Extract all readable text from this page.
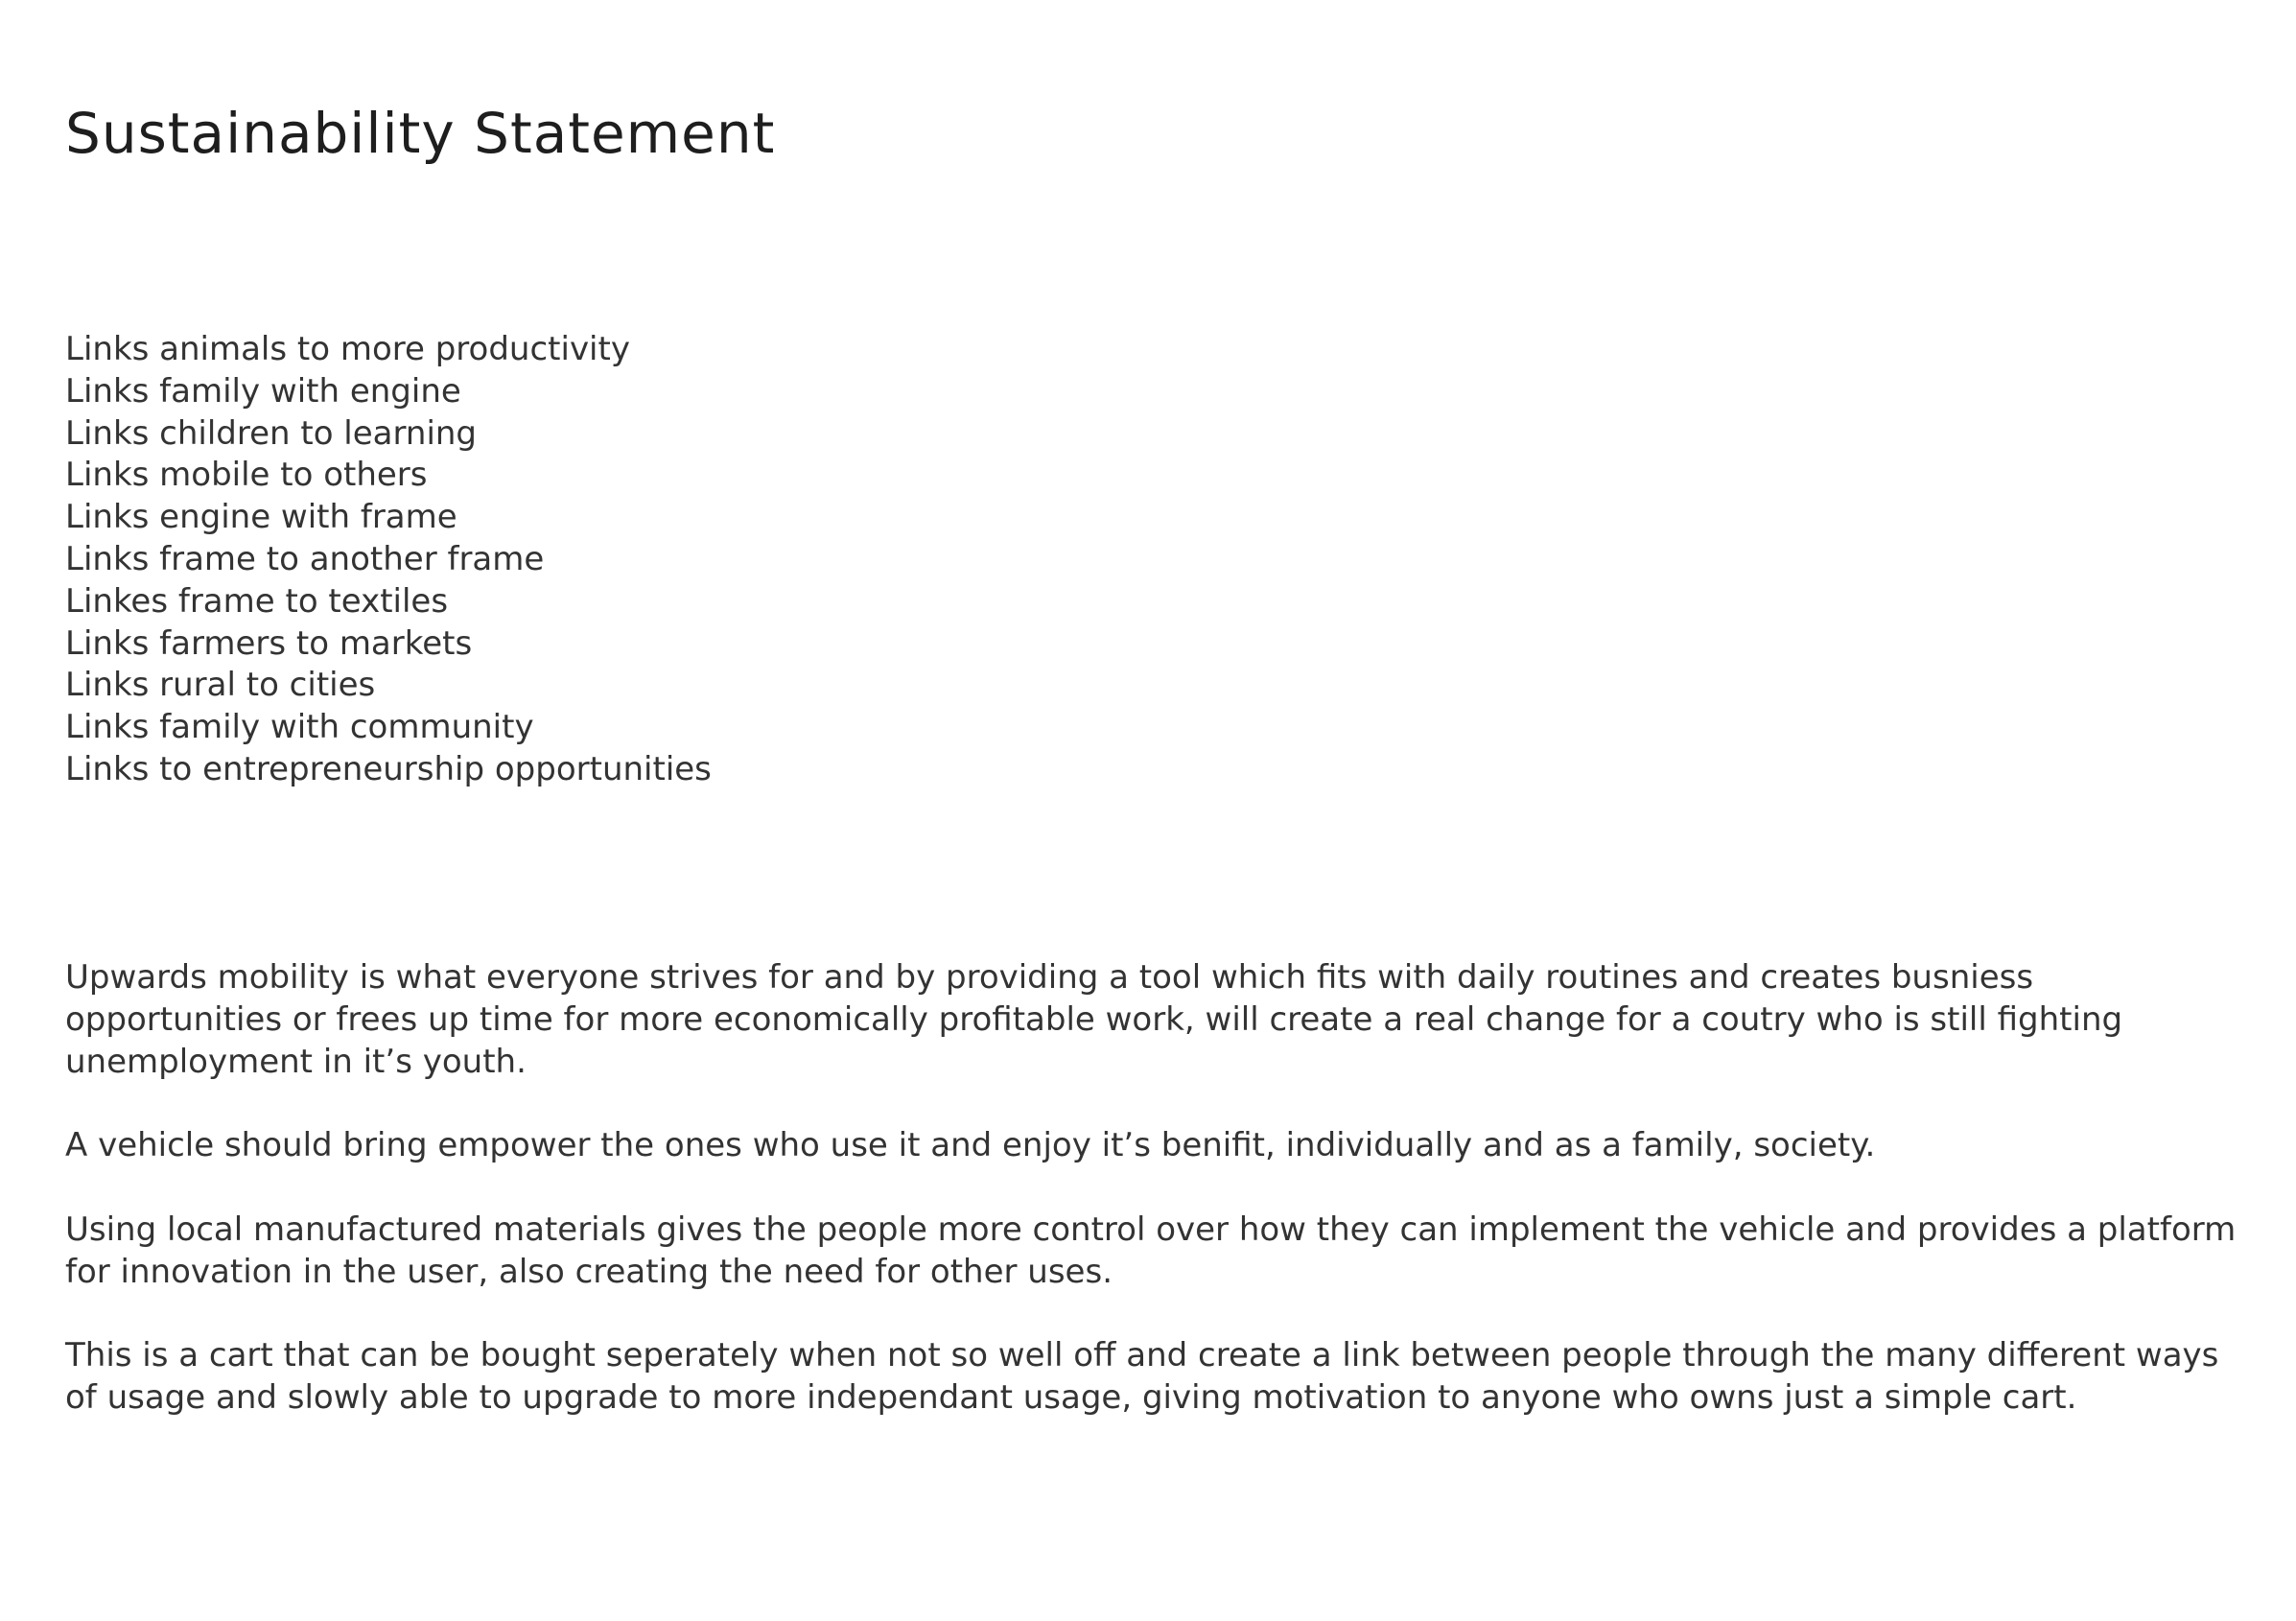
Sustainability Statement
Links animals to more productivity
Links family with engine
Links children to learning
Links mobile to others
Links engine with frame
Links frame to another frame
Linkes frame to textiles
Links farmers to markets
Links rural to cities
Links family with community
Links to entrepreneurship opportunities

Upwards mobility is what everyone strives for and by providing a tool which fits with daily routines and creates busniess opportunities or frees up time for more economically profitable work, will create a real change for a coutry who is still fighting unemployment in it’s youth.

A vehicle should bring empower the ones who use it and enjoy it’s benifit, individually and as a family, society.

Using local manufactured materials gives the people more control over how they can implement the vehicle and provides a platform for innovation in the user, also creating the need for other uses.

This is a cart that can be bought seperately when not so well off and create a link between people through the many different ways of usage and slowly able to upgrade to more independant usage, giving motivation to anyone who owns just a simple cart.
